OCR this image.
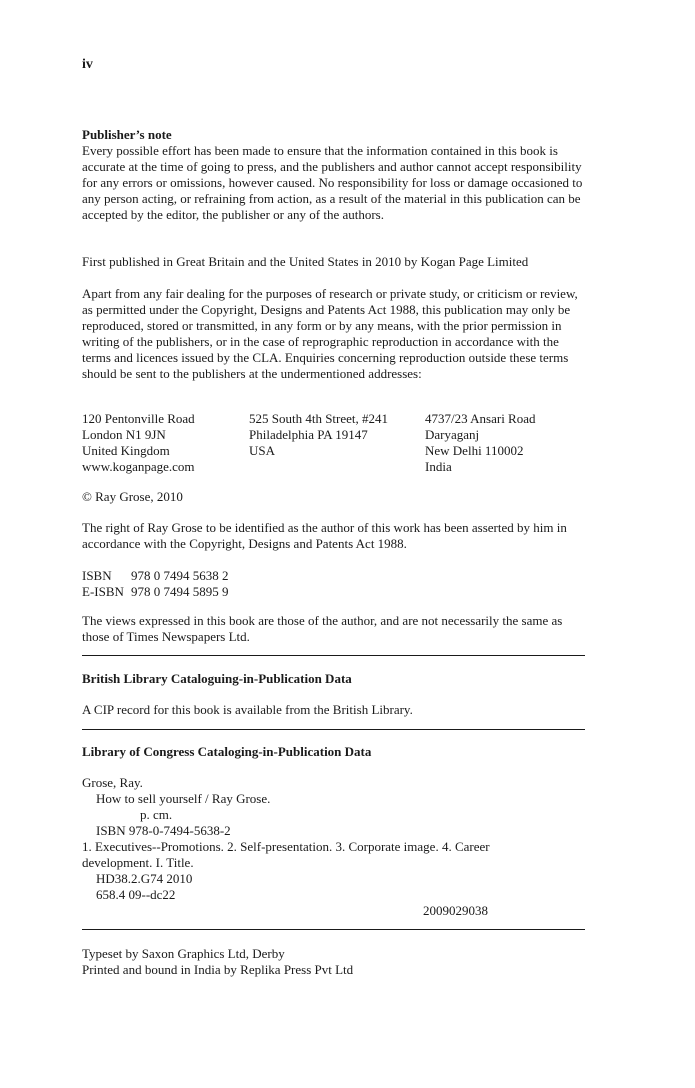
iv

Publisher’s note

Every possible effort has been made to ensure that the information contained in this book is accurate at the time of going to press, and the publishers and author cannot accept responsibility for any errors or omissions, however caused. No responsibility for loss or damage occasioned to any person acting, or refraining from action, as a result of the material in this publication can be accepted by the editor, the publisher or any of the authors.

First published in Great Britain and the United States in 2010 by Kogan Page Limited

Apart from any fair dealing for the purposes of research or private study, or criticism or review, as permitted under the Copyright, Designs and Patents Act 1988, this publication may only be reproduced, stored or transmitted, in any form or by any means, with the prior permission in writing of the publishers, or in the case of reprographic reproduction in accordance with the terms and licences issued by the CLA. Enquiries concerning reproduction outside these terms should be sent to the publishers at the undermentioned addresses:

120 Pentonville Road
London N1 9JN
United Kingdom
www.koganpage.com
525 South 4th Street, #241
Philadelphia PA 19147
USA
4737/23 Ansari Road
Daryaganj
New Delhi 110002
India

© Ray Grose, 2010

The right of Ray Grose to be identified as the author of this work has been asserted by him in accordance with the Copyright, Designs and Patents Act 1988.

ISBN 978 0 7494 5638 2
E-ISBN 978 0 7494 5895 9

The views expressed in this book are those of the author, and are not necessarily the same as those of Times Newspapers Ltd.

British Library Cataloguing-in-Publication Data

A CIP record for this book is available from the British Library.

Library of Congress Cataloging-in-Publication Data

Grose, Ray.
How to sell yourself / Ray Grose.
p. cm.
ISBN 978-0-7494-5638-2
1. Executives--Promotions. 2. Self-presentation. 3. Corporate image. 4. Career
development. I. Title.
HD38.2.G74 2010
658.4 09--dc22
2009029038

Typeset by Saxon Graphics Ltd, Derby

Printed and bound in India by Replika Press Pvt Ltd
